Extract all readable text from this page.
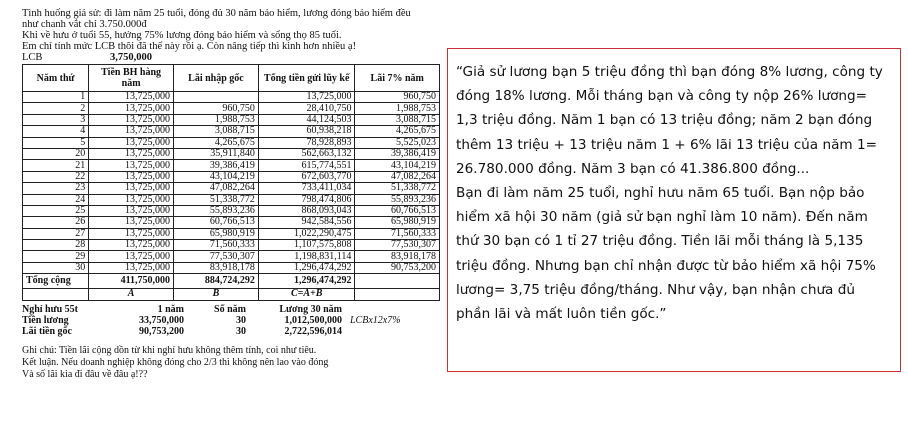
Tình huống giả sử: đi làm năm 25 tuổi, đóng đủ 30 năm bảo hiểm, lương đóng bảo hiểm đều
như chanh vắt chỉ 3.750.000đ
Khi về hưu ở tuổi 55, hưởng 75% lương đóng bảo hiểm và sống thọ 85 tuổi.
Em chỉ tính mức LCB thôi đã thế này rồi ạ. Còn nâng tiếp thì kinh hơn nhiều ạ!
LCB	3,750,000
Năm thứ	Tiền BH hàng năm	Lãi nhập gốc	Tổng tiền gửi lũy kế	Lãi 7% năm
1	13,725,000		13,725,000	960,750
2	13,725,000	960,750	28,410,750	1,988,753
3	13,725,000	1,988,753	44,124,503	3,088,715
4	13,725,000	3,088,715	60,938,218	4,265,675
5	13,725,000	4,265,675	78,928,893	5,525,023
20	13,725,000	35,911,840	562,663,132	39,386,419
21	13,725,000	39,386,419	615,774,551	43,104,219
22	13,725,000	43,104,219	672,603,770	47,082,264
23	13,725,000	47,082,264	733,411,034	51,338,772
24	13,725,000	51,338,772	798,474,806	55,893,236
25	13,725,000	55,893,236	868,093,043	60,766,513
26	13,725,000	60,766,513	942,584,556	65,980,919
27	13,725,000	65,980,919	1,022,290,475	71,560,333
28	13,725,000	71,560,333	1,107,575,808	77,530,307
29	13,725,000	77,530,307	1,198,831,114	83,918,178
30	13,725,000	83,918,178	1,296,474,292	90,753,200
Tổng cộng	411,750,000	884,724,292	1,296,474,292	
	A	B	C=A+B	
Nghỉ hưu 55t	1 năm	Số năm	Lương 30 năm
Tiền lương	33,750,000	30	1,012,500,000 LCBx12x7%
Lãi tiền gốc	90,753,200	30	2,722,596,014
Ghi chú: Tiền lãi cộng dồn từ khi nghỉ hưu không thêm tính, coi như tiêu.
Kết luận. Nếu doanh nghiệp không đóng cho 2/3 thì không nên lao vào đóng
Và số lãi kia đi đâu về đâu ạ!??

“Giả sử lương bạn 5 triệu đồng thì bạn đóng 8% lương, công ty đóng 18% lương. Mỗi tháng bạn và công ty nộp 26% lương= 1,3 triệu đồng. Năm 1 bạn có 13 triệu đồng; năm 2 bạn đóng thêm 13 triệu + 13 triệu năm 1 + 6% lãi 13 triệu của năm 1= 26.780.000 đồng. Năm 3 bạn có 41.386.800 đồng...

Bạn đi làm năm 25 tuổi, nghỉ hưu năm 65 tuổi. Bạn nộp bảo hiểm xã hội 30 năm (giả sử bạn nghỉ làm 10 năm). Đến năm thứ 30 bạn có 1 tỉ 27 triệu đồng. Tiền lãi mỗi tháng là 5,135 triệu đồng. Nhưng bạn chỉ nhận được từ bảo hiểm xã hội 75% lương= 3,75 triệu đồng/tháng. Như vậy, bạn nhận chưa đủ phần lãi và mất luôn tiền gốc.”
